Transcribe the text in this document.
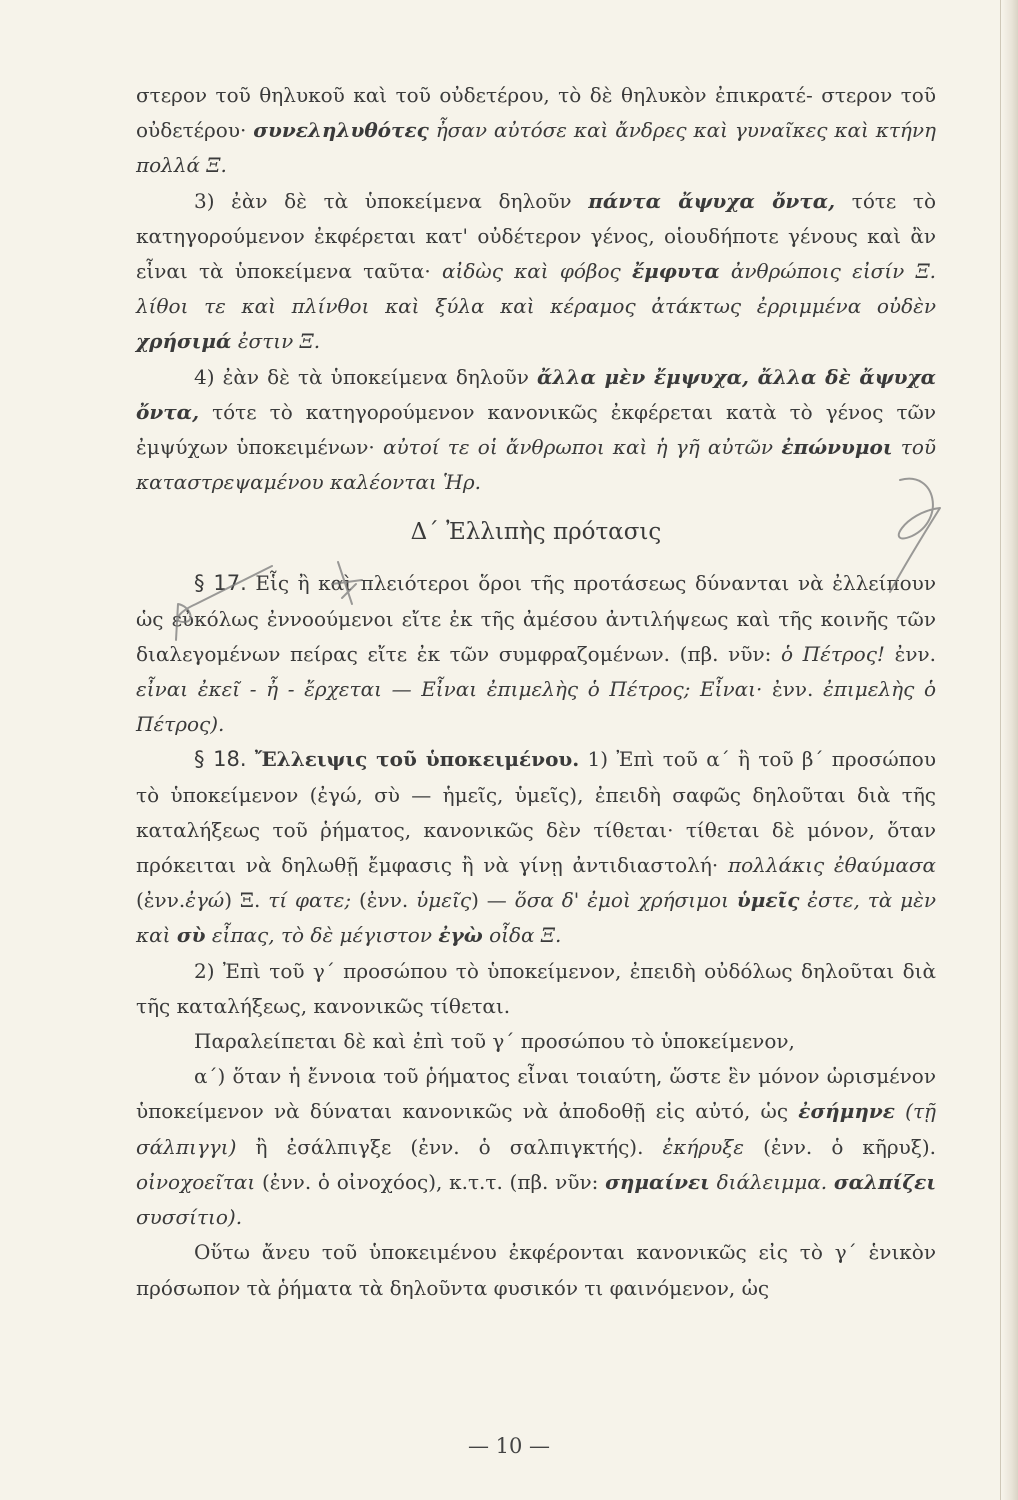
στερον τοῦ θηλυκοῦ καὶ τοῦ οὐδετέρου, τὸ δὲ θηλυκὸν ἐπικρατέ- στερον τοῦ οὐδετέρου· συνεληλυθότες ἦσαν αὐτόσε καὶ ἄνδρες καὶ γυναῖκες καὶ κτήνη πολλά Ξ.

3) ἐὰν δὲ τὰ ὑποκείμενα δηλοῦν πάντα ἄψυχα ὄντα, τότε τὸ κατηγορούμενον ἐκφέρεται κατ' οὐδέτερον γένος, οἱουδήποτε γένους καὶ ἂν εἶναι τὰ ὑποκείμενα ταῦτα· αἰδὼς καὶ φόβος ἔμφυτα ἀνθρώποις εἰσίν Ξ. λίθοι τε καὶ πλίνθοι καὶ ξύλα καὶ κέραμος ἀτάκτως ἐρριμμένα οὐδὲν χρήσιμά ἐστιν Ξ.

4) ἐὰν δὲ τὰ ὑποκείμενα δηλοῦν ἄλλα μὲν ἔμψυχα, ἄλλα δὲ ἄψυχα ὄντα, τότε τὸ κατηγορούμενον κανονικῶς ἐκφέρεται κατὰ τὸ γένος τῶν ἐμψύχων ὑποκειμένων· αὐτοί τε οἱ ἄνθρωποι καὶ ἡ γῆ αὐτῶν ἐπώνυμοι τοῦ καταστρεψαμένου καλέονται Ἡρ.

Δ΄ Ἐλλιπὴς πρότασις

§ 17. Εἷς ἢ καὶ πλειότεροι ὅροι τῆς προτάσεως δύνανται νὰ ἐλλείπουν ὡς εὐκόλως ἐννοούμενοι εἴτε ἐκ τῆς ἀμέσου ἀντιλήψεως καὶ τῆς κοινῆς τῶν διαλεγομένων πείρας εἴτε ἐκ τῶν συμφραζομένων. (πβ. νῦν: ὁ Πέτρος! ἐνν. εἶναι ἐκεῖ - ἦ - ἔρχεται — Εἶναι ἐπιμελὴς ὁ Πέτρος; Εἶναι· ἐνν. ἐπιμελὴς ὁ Πέτρος).

§ 18. Ἔλλειψις τοῦ ὑποκειμένου. 1) Ἐπὶ τοῦ α΄ ἢ τοῦ β΄ προσώπου τὸ ὑποκείμενον (ἐγώ, σὺ — ἡμεῖς, ὑμεῖς), ἐπειδὴ σαφῶς δηλοῦται διὰ τῆς καταλήξεως τοῦ ῥήματος, κανονικῶς δὲν τίθεται· τίθεται δὲ μόνον, ὅταν πρόκειται νὰ δηλωθῇ ἔμφασις ἢ νὰ γίνῃ ἀντιδιαστολή· πολλάκις ἐθαύμασα (ἐνν.ἐγώ) Ξ. τί φατε; (ἐνν. ὑμεῖς) — ὅσα δ' ἐμοὶ χρήσιμοι ὑμεῖς ἐστε, τὰ μὲν καὶ σὺ εἶπας, τὸ δὲ μέγιστον ἐγὼ οἶδα Ξ.

2) Ἐπὶ τοῦ γ΄ προσώπου τὸ ὑποκείμενον, ἐπειδὴ οὐδόλως δηλοῦται διὰ τῆς καταλήξεως, κανονικῶς τίθεται.

Παραλείπεται δὲ καὶ ἐπὶ τοῦ γ΄ προσώπου τὸ ὑποκείμενον,

α΄) ὅταν ἡ ἔννοια τοῦ ῥήματος εἶναι τοιαύτη, ὥστε ἓν μόνον ὡρισμένον ὑποκείμενον νὰ δύναται κανονικῶς νὰ ἀποδοθῇ εἰς αὐτό, ὡς ἐσήμηνε (τῇ σάλπιγγι) ἢ ἐσάλπιγξε (ἐνν. ὁ σαλπιγκτής). ἐκήρυξε (ἐνν. ὁ κῆρυξ). οἰνοχοεῖται (ἐνν. ὁ οἰνοχόος), κ.τ.τ. (πβ. νῦν: σημαίνει διάλειμμα. σαλπίζει συσσίτιο).

Οὕτω ἄνευ τοῦ ὑποκειμένου ἐκφέρονται κανονικῶς εἰς τὸ γ΄ ἑνικὸν πρόσωπον τὰ ῥήματα τὰ δηλοῦντα φυσικόν τι φαινόμενον, ὡς

— 10 —
